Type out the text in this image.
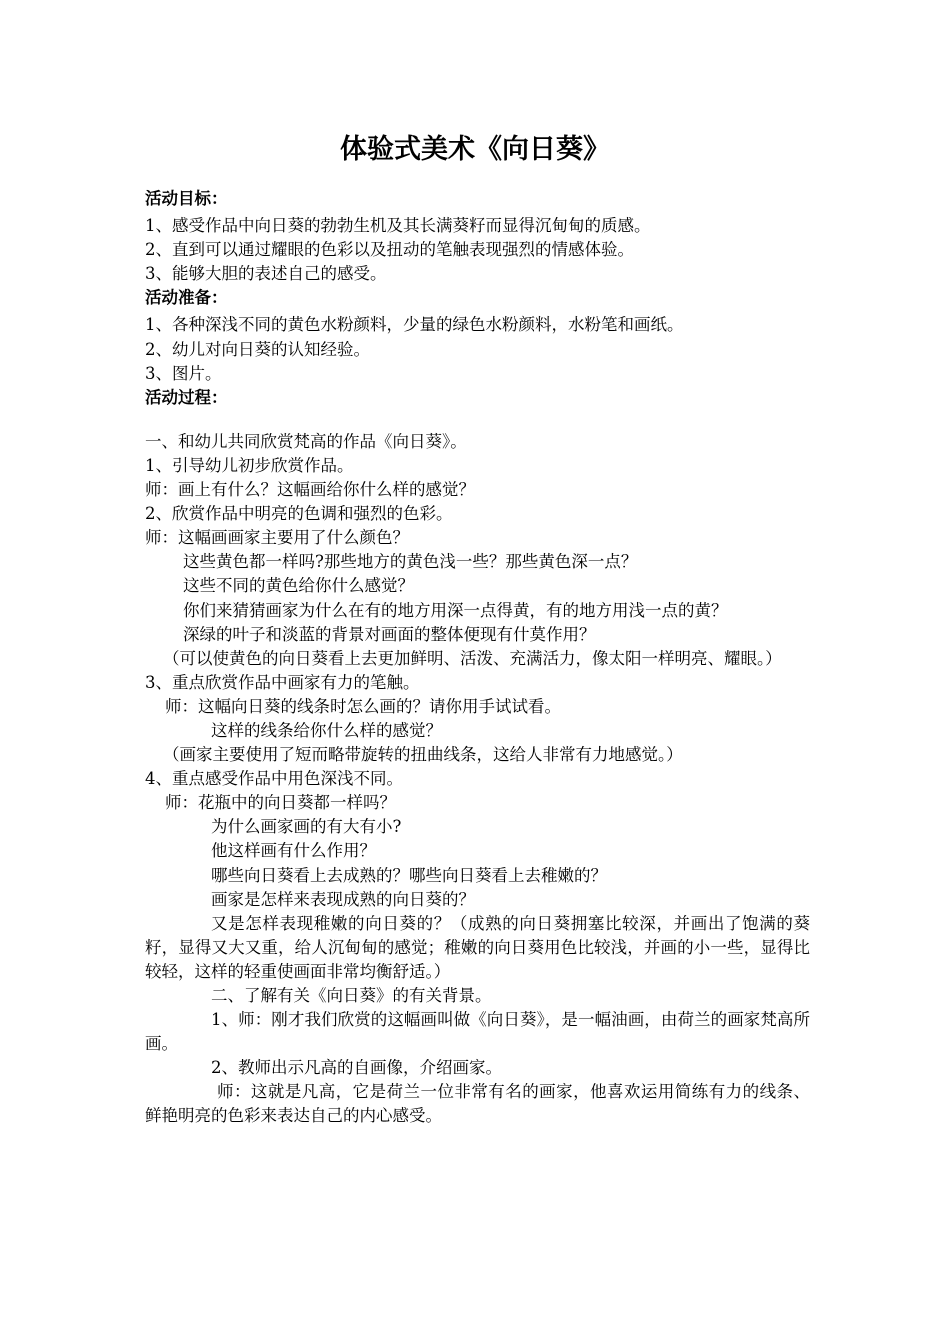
体验式美术《向日葵》
活动目标：
1、感受作品中向日葵的勃勃生机及其长满葵籽而显得沉甸甸的质感。
2、直到可以通过耀眼的色彩以及扭动的笔触表现强烈的情感体验。
3、能够大胆的表述自己的感受。
活动准备：
1、各种深浅不同的黄色水粉颜料，少量的绿色水粉颜料，水粉笔和画纸。
2、幼儿对向日葵的认知经验。
3、图片。
活动过程：
一、和幼儿共同欣赏梵高的作品《向日葵》。
1、引导幼儿初步欣赏作品。
师：画上有什么？这幅画给你什么样的感觉？
2、欣赏作品中明亮的色调和强烈的色彩。
师：这幅画画家主要用了什么颜色？
这些黄色都一样吗?那些地方的黄色浅一些？那些黄色深一点？
这些不同的黄色给你什么感觉？
你们来猜猜画家为什么在有的地方用深一点得黄，有的地方用浅一点的黄？
深绿的叶子和淡蓝的背景对画面的整体便现有什莫作用？
（可以使黄色的向日葵看上去更加鲜明、活泼、充满活力，像太阳一样明亮、耀眼。）
3、重点欣赏作品中画家有力的笔触。
师：这幅向日葵的线条时怎么画的？请你用手试试看。
这样的线条给你什么样的感觉？
（画家主要使用了短而略带旋转的扭曲线条，这给人非常有力地感觉。）
4、重点感受作品中用色深浅不同。
师：花瓶中的向日葵都一样吗？
为什么画家画的有大有小?
他这样画有什么作用？
哪些向日葵看上去成熟的？哪些向日葵看上去稚嫩的？
画家是怎样来表现成熟的向日葵的？
又是怎样表现稚嫩的向日葵的？（成熟的向日葵拥塞比较深，并画出了饱满的葵籽，显得又大又重，给人沉甸甸的感觉；稚嫩的向日葵用色比较浅，并画的小一些，显得比较轻，这样的轻重使画面非常均衡舒适。）
二、了解有关《向日葵》的有关背景。
1、师：刚才我们欣赏的这幅画叫做《向日葵》，是一幅油画，由荷兰的画家梵高所画。
2、教师出示凡高的自画像，介绍画家。
师：这就是凡高，它是荷兰一位非常有名的画家，他喜欢运用简练有力的线条、鲜艳明亮的色彩来表达自己的内心感受。
